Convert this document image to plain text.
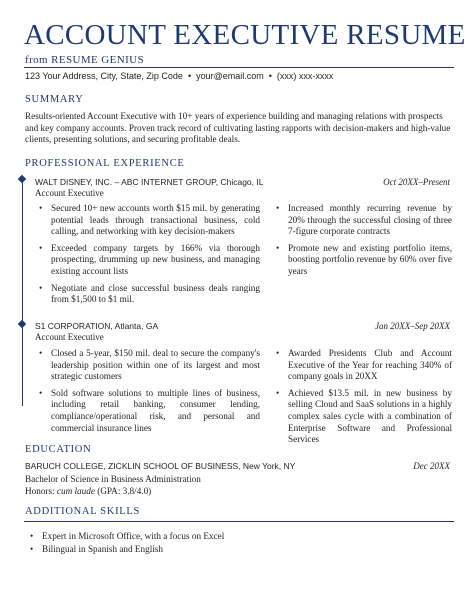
ACCOUNT EXECUTIVE RESUME
from RESUME GENIUS
123 Your Address, City, State, Zip Code • your@email.com • (xxx) xxx-xxxx
SUMMARY
Results-oriented Account Executive with 10+ years of experience building and managing relations with prospects and key company accounts. Proven track record of cultivating lasting rapports with decision-makers and high-value clients, presenting solutions, and securing profitable deals.
PROFESSIONAL EXPERIENCE
WALT DISNEY, INC. – ABC INTERNET GROUP, Chicago, IL	Oct 20XX–Present
Account Executive
• Secured 10+ new accounts worth $15 mil. by generating potential leads through transactional business, cold calling, and networking with key decision-makers
• Exceeded company targets by 166% via thorough prospecting, drumming up new business, and managing existing account lists
• Negotiate and close successful business deals ranging from $1,500 to $1 mil.
• Increased monthly recurring revenue by 20% through the successful closing of three 7-figure corporate contracts
• Promote new and existing portfolio items, boosting portfolio revenue by 60% over five years
S1 CORPORATION, Atlanta, GA	Jan 20XX–Sep 20XX
Account Executive
• Closed a 5-year, $150 mil. deal to secure the company's leadership position within one of its largest and most strategic customers
• Sold software solutions to multiple lines of business, including retail banking, consumer lending, compliance/operational risk, and personal and commercial insurance lines
• Awarded Presidents Club and Account Executive of the Year for reaching 340% of company goals in 20XX
• Achieved $13.5 mil. in new business by selling Cloud and SaaS solutions in a highly complex sales cycle with a combination of Enterprise Software and Professional Services
EDUCATION
BARUCH COLLEGE, ZICKLIN SCHOOL OF BUSINESS, New York, NY	Dec 20XX
Bachelor of Science in Business Administration
Honors: cum laude (GPA: 3.8/4.0)
ADDITIONAL SKILLS
• Expert in Microsoft Office, with a focus on Excel
• Bilingual in Spanish and English
